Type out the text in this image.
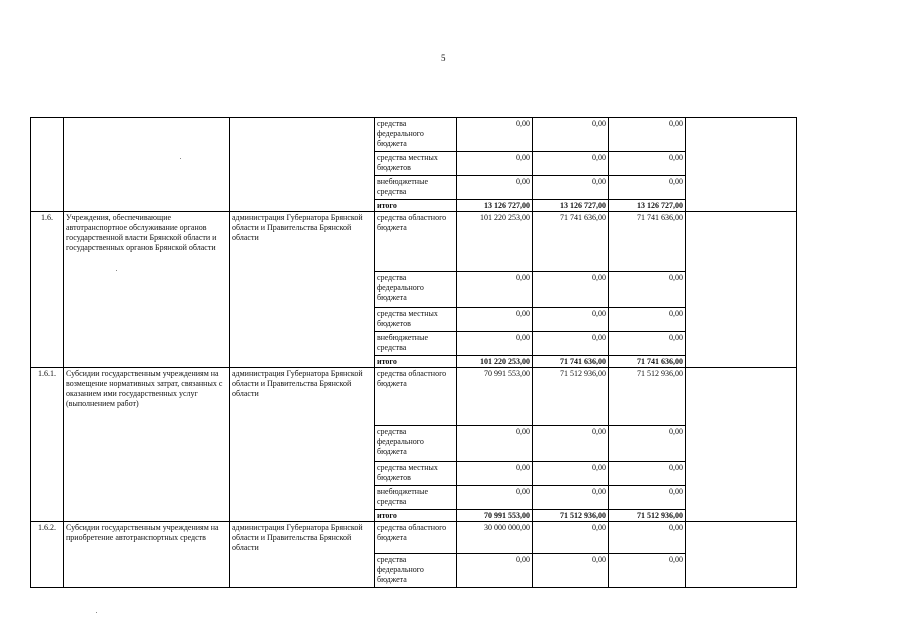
5
			средства федерального бюджета	0,00	0,00	0,00	
			средства местных бюджетов	0,00	0,00	0,00	
			внебюджетные средства	0,00	0,00	0,00	
			итого	13 126 727,00	13 126 727,00	13 126 727,00	
1.6.	Учреждения, обеспечивающие автотранспортное обслуживание органов государственной власти Брянской области и государственных органов Брянской области	администрация Губернатора Брянской области и Правительства Брянской области	средства областного бюджета	101 220 253,00	71 741 636,00	71 741 636,00	
			средства федерального бюджета	0,00	0,00	0,00	
			средства местных бюджетов	0,00	0,00	0,00	
			внебюджетные средства	0,00	0,00	0,00	
			итого	101 220 253,00	71 741 636,00	71 741 636,00	
1.6.1.	Субсидии государственным учреждениям на возмещение нормативных затрат, связанных с оказанием ими государственных услуг (выполнением работ)	администрация Губернатора Брянской области и Правительства Брянской области	средства областного бюджета	70 991 553,00	71 512 936,00	71 512 936,00	
			средства федерального бюджета	0,00	0,00	0,00	
			средства местных бюджетов	0,00	0,00	0,00	
			внебюджетные средства	0,00	0,00	0,00	
			итого	70 991 553,00	71 512 936,00	71 512 936,00	
1.6.2.	Субсидии государственным учреждениям на приобретение автотранспортных средств	администрация Губернатора Брянской области и Правительства Брянской области	средства областного бюджета	30 000 000,00	0,00	0,00	
			средства федерального бюджета	0,00	0,00	0,00	
